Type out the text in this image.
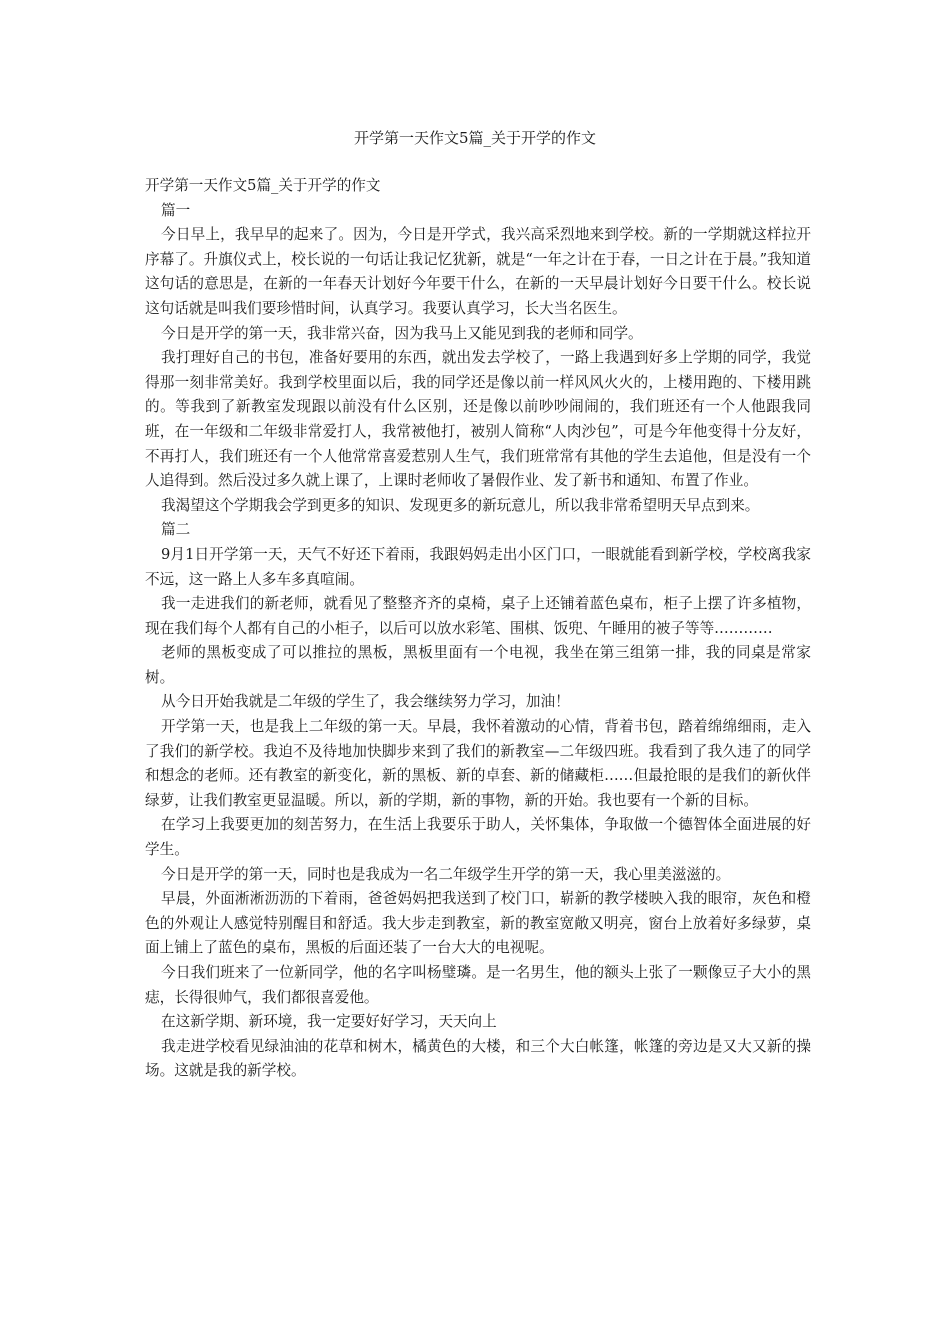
开学第一天作文5篇_关于开学的作文

开学第一天作文5篇_关于开学的作文

篇一

今日早上，我早早的起来了。因为，今日是开学式，我兴高采烈地来到学校。新的一学期就这样拉开序幕了。升旗仪式上，校长说的一句话让我记忆犹新，就是“一年之计在于春，一日之计在于晨。”我知道这句话的意思是，在新的一年春天计划好今年要干什么，在新的一天早晨计划好今日要干什么。校长说这句话就是叫我们要珍惜时间，认真学习。我要认真学习，长大当名医生。

今日是开学的第一天，我非常兴奋，因为我马上又能见到我的老师和同学。

我打理好自己的书包，准备好要用的东西，就出发去学校了，一路上我遇到好多上学期的同学，我觉得那一刻非常美好。我到学校里面以后，我的同学还是像以前一样风风火火的，上楼用跑的、下楼用跳的。等我到了新教室发现跟以前没有什么区别，还是像以前吵吵闹闹的，我们班还有一个人他跟我同班，在一年级和二年级非常爱打人，我常被他打，被别人简称“人肉沙包”，可是今年他变得十分友好，不再打人，我们班还有一个人他常常喜爱惹别人生气，我们班常常有其他的学生去追他，但是没有一个人追得到。然后没过多久就上课了，上课时老师收了暑假作业、发了新书和通知、布置了作业。

我渴望这个学期我会学到更多的知识、发现更多的新玩意儿，所以我非常希望明天早点到来。

篇二

9月1日开学第一天，天气不好还下着雨，我跟妈妈走出小区门口，一眼就能看到新学校，学校离我家不远，这一路上人多车多真喧闹。

我一走进我们的新老师，就看见了整整齐齐的桌椅，桌子上还铺着蓝色桌布，柜子上摆了许多植物，现在我们每个人都有自己的小柜子，以后可以放水彩笔、围棋、饭兜、午睡用的被子等等…………

老师的黑板变成了可以推拉的黑板，黑板里面有一个电视，我坐在第三组第一排，我的同桌是常家树。

从今日开始我就是二年级的学生了，我会继续努力学习，加油！

开学第一天，也是我上二年级的第一天。早晨，我怀着激动的心情，背着书包，踏着绵绵细雨，走入了我们的新学校。我迫不及待地加快脚步来到了我们的新教室—二年级四班。我看到了我久违了的同学和想念的老师。还有教室的新变化，新的黑板、新的卓套、新的储藏柜……但最抢眼的是我们的新伙伴绿萝，让我们教室更显温暖。所以，新的学期，新的事物，新的开始。我也要有一个新的目标。

在学习上我要更加的刻苦努力，在生活上我要乐于助人，关怀集体，争取做一个德智体全面进展的好学生。

今日是开学的第一天，同时也是我成为一名二年级学生开学的第一天，我心里美滋滋的。

早晨，外面淅淅沥沥的下着雨，爸爸妈妈把我送到了校门口，崭新的教学楼映入我的眼帘，灰色和橙色的外观让人感觉特别醒目和舒适。我大步走到教室，新的教室宽敞又明亮，窗台上放着好多绿萝，桌面上铺上了蓝色的桌布，黑板的后面还装了一台大大的电视呢。

今日我们班来了一位新同学，他的名字叫杨璧璘。是一名男生，他的额头上张了一颗像豆子大小的黑痣，长得很帅气，我们都很喜爱他。

在这新学期、新环境，我一定要好好学习，天天向上

我走进学校看见绿油油的花草和树木，橘黄色的大楼，和三个大白帐篷，帐篷的旁边是又大又新的操场。这就是我的新学校。
